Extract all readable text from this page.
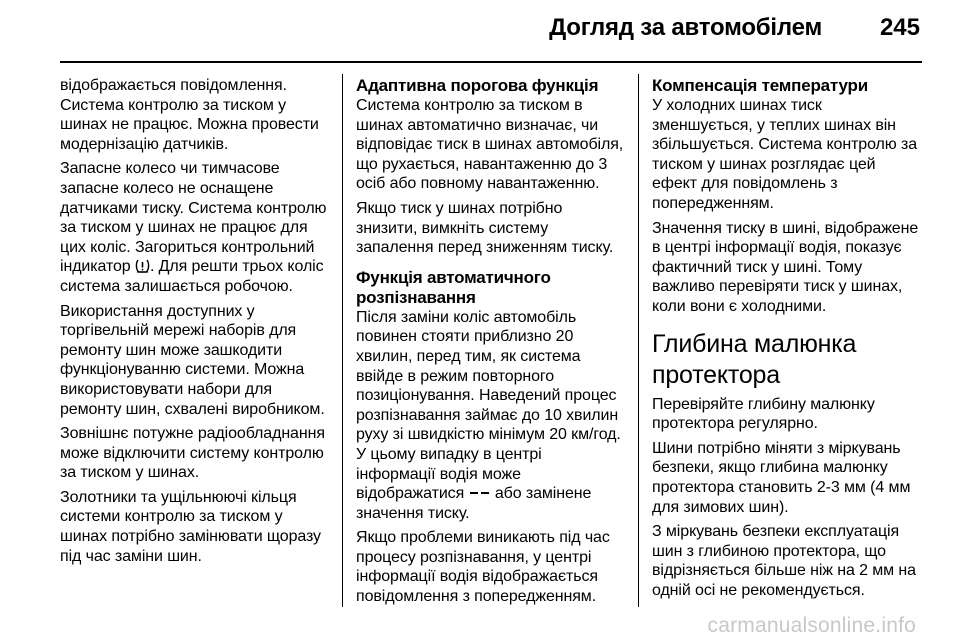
Догляд за автомобілем 245

відображається повідомлення. Система контролю за тиском у шинах не працює. Можна провести модернізацію датчиків.

Запасне колесо чи тимчасове запасне колесо не оснащене датчиками тиску. Система контролю за тиском у шинах не працює для цих коліс. Загориться контрольний індикатор . Для решти трьох коліс система залишається робочою.

Використання доступних у торгівельній мережі наборів для ремонту шин може зашкодити функціонуванню системи. Можна використовувати набори для ремонту шин, схвалені виробником.

Зовнішнє потужне радіообладнання може відключити систему контролю за тиском у шинах.

Золотники та ущільнюючі кільця системи контролю за тиском у шинах потрібно замінювати щоразу під час заміни шин.

Адаптивна порогова функція

Система контролю за тиском в шинах автоматично визначає, чи відповідає тиск в шинах автомобіля, що рухається, навантаженню до 3 осіб або повному навантаженню.

Якщо тиск у шинах потрібно знизити, вимкніть систему запалення перед зниженням тиску.

Функція автоматичного розпізнавання

Після заміни коліс автомобіль повинен стояти приблизно 20 хвилин, перед тим, як система ввійде в режим повторного позиціонування. Наведений процес розпізнавання займає до 10 хвилин руху зі швидкістю мінімум 20 км/год. У цьому випадку в центрі інформації водія може відображатися або замінене значення тиску.

Якщо проблеми виникають під час процесу розпізнавання, у центрі інформації водія відображається повідомлення з попередженням.

Компенсація температури

У холодних шинах тиск зменшується, у теплих шинах він збільшується. Система контролю за тиском у шинах розглядає цей ефект для повідомлень з попередженням.

Значення тиску в шині, відображене в центрі інформації водія, показує фактичний тиск у шині. Тому важливо перевіряти тиск у шинах, коли вони є холодними.

Глибина малюнка протектора

Перевіряйте глибину малюнку протектора регулярно.

Шини потрібно міняти з міркувань безпеки, якщо глибина малюнку протектора становить 2-3 мм (4 мм для зимових шин).

З міркувань безпеки експлуатація шин з глибиною протектора, що відрізняється більше ніж на 2 мм на одній осі не рекомендується.

carmanualsonline.info
